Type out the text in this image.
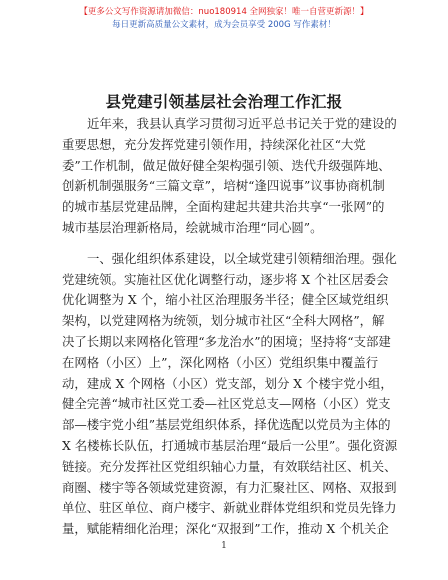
【更多公文写作资源请加微信：nuo180914 全网独家！唯一自营更新源！】
每日更新高质量公文素材，成为会员享受 200G 写作素材！
县党建引领基层社会治理工作汇报
近年来，我县认真学习贯彻习近平总书记关于党的建设的
重要思想，充分发挥党建引领作用，持续深化社区“大党
委”工作机制，做足做好健全架构强引领、迭代升级强阵地、
创新机制强服务“三篇文章”，培树“逢四说事”议事协商机制
的城市基层党建品牌，全面构建起共建共治共享“一张网”的
城市基层治理新格局，绘就城市治理“同心圆”。
一、强化组织体系建设，以全域党建引领精细治理。强化
党建统领。实施社区优化调整行动，逐步将 X 个社区居委会
优化调整为 X 个，缩小社区治理服务半径；健全区域党组织
架构，以党建网格为统领，划分城市社区“全科大网格”，解
决了长期以来网格化管理“多龙治水”的困境；坚持将“支部建
在网格（小区）上”，深化网格（小区）党组织集中覆盖行
动，建成 X 个网格（小区）党支部，划分 X 个楼宇党小组，
健全完善“城市社区党工委—社区党总支—网格（小区）党支
部—楼宇党小组”基层党组织体系，择优选配以党员为主体的
X 名楼栋长队伍，打通城市基层治理“最后一公里”。强化资源
链接。充分发挥社区党组织轴心力量，有效联结社区、机关、
商圈、楼宇等各领域党建资源，有力汇聚社区、网格、双报到
单位、驻区单位、商户楼宇、新就业群体党组织和党员先锋力
量，赋能精细化治理；深化“双报到”工作，推动 X 个机关企
1
